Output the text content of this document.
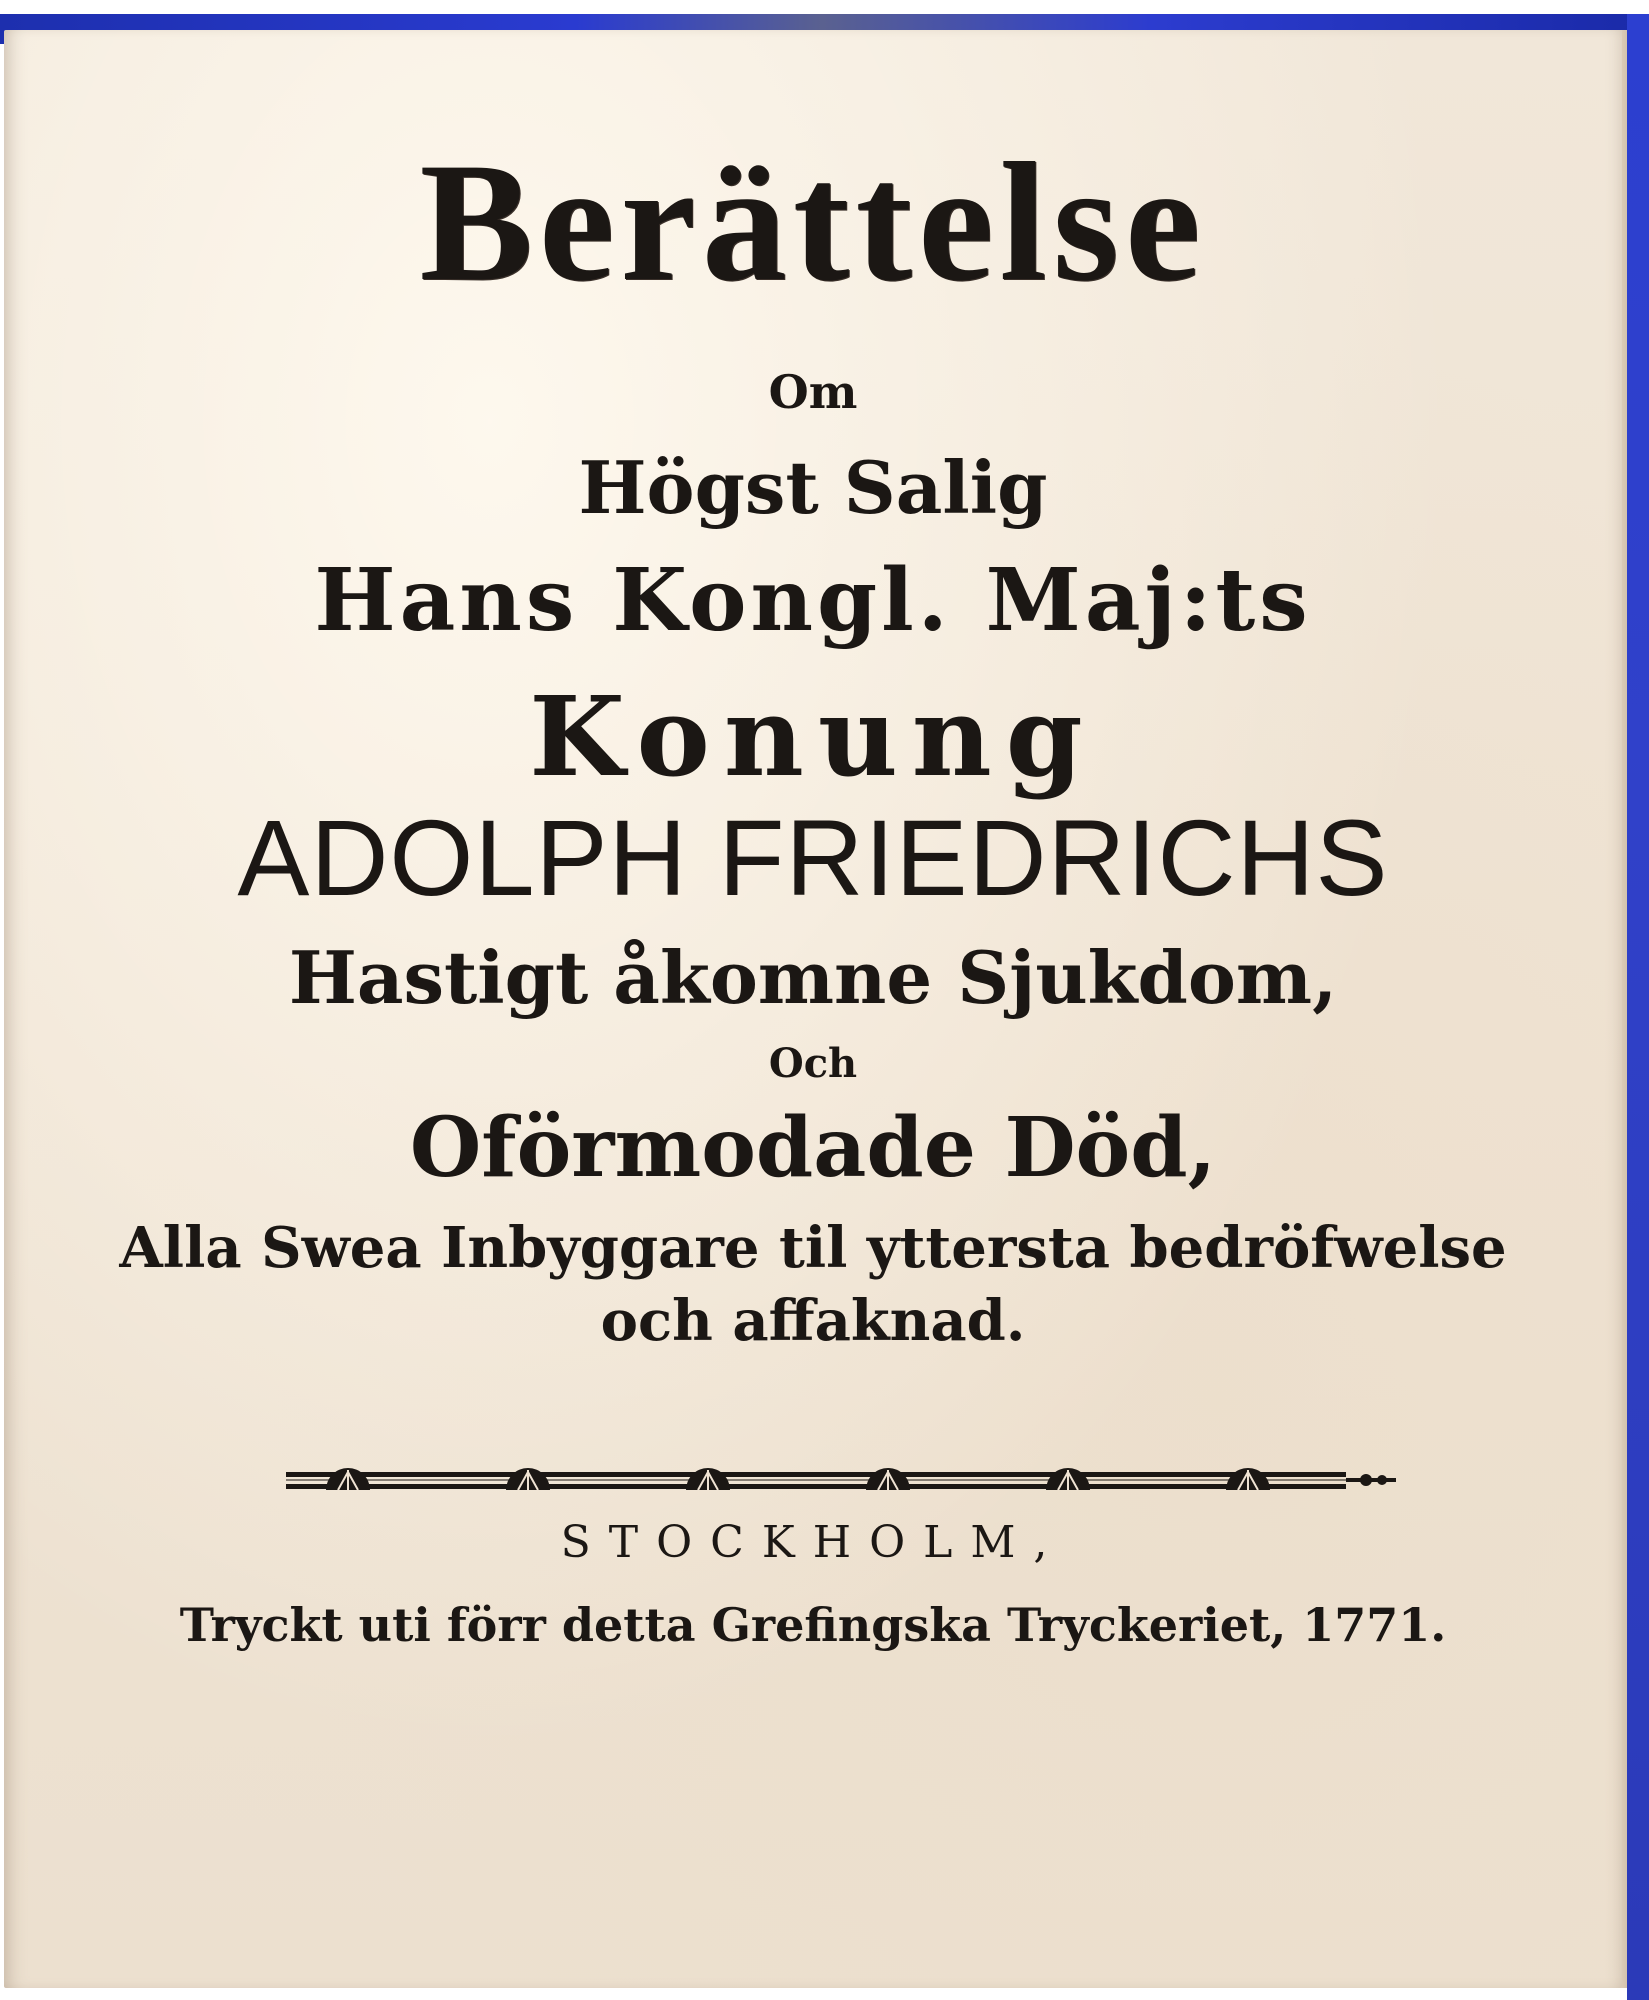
Berättelse
Om
Högst Salig
Hans Kongl. Maj:ts
Konung
ADOLPH FRIEDRICHS
Hastigt åkomne Sjukdom,
Och
Oförmodade Död,
Alla Swea Inbyggare til yttersta bedröfwelse
och affaknad.
STOCKHOLM,
Tryckt uti förr detta Grefingska Tryckeriet, 1771.
